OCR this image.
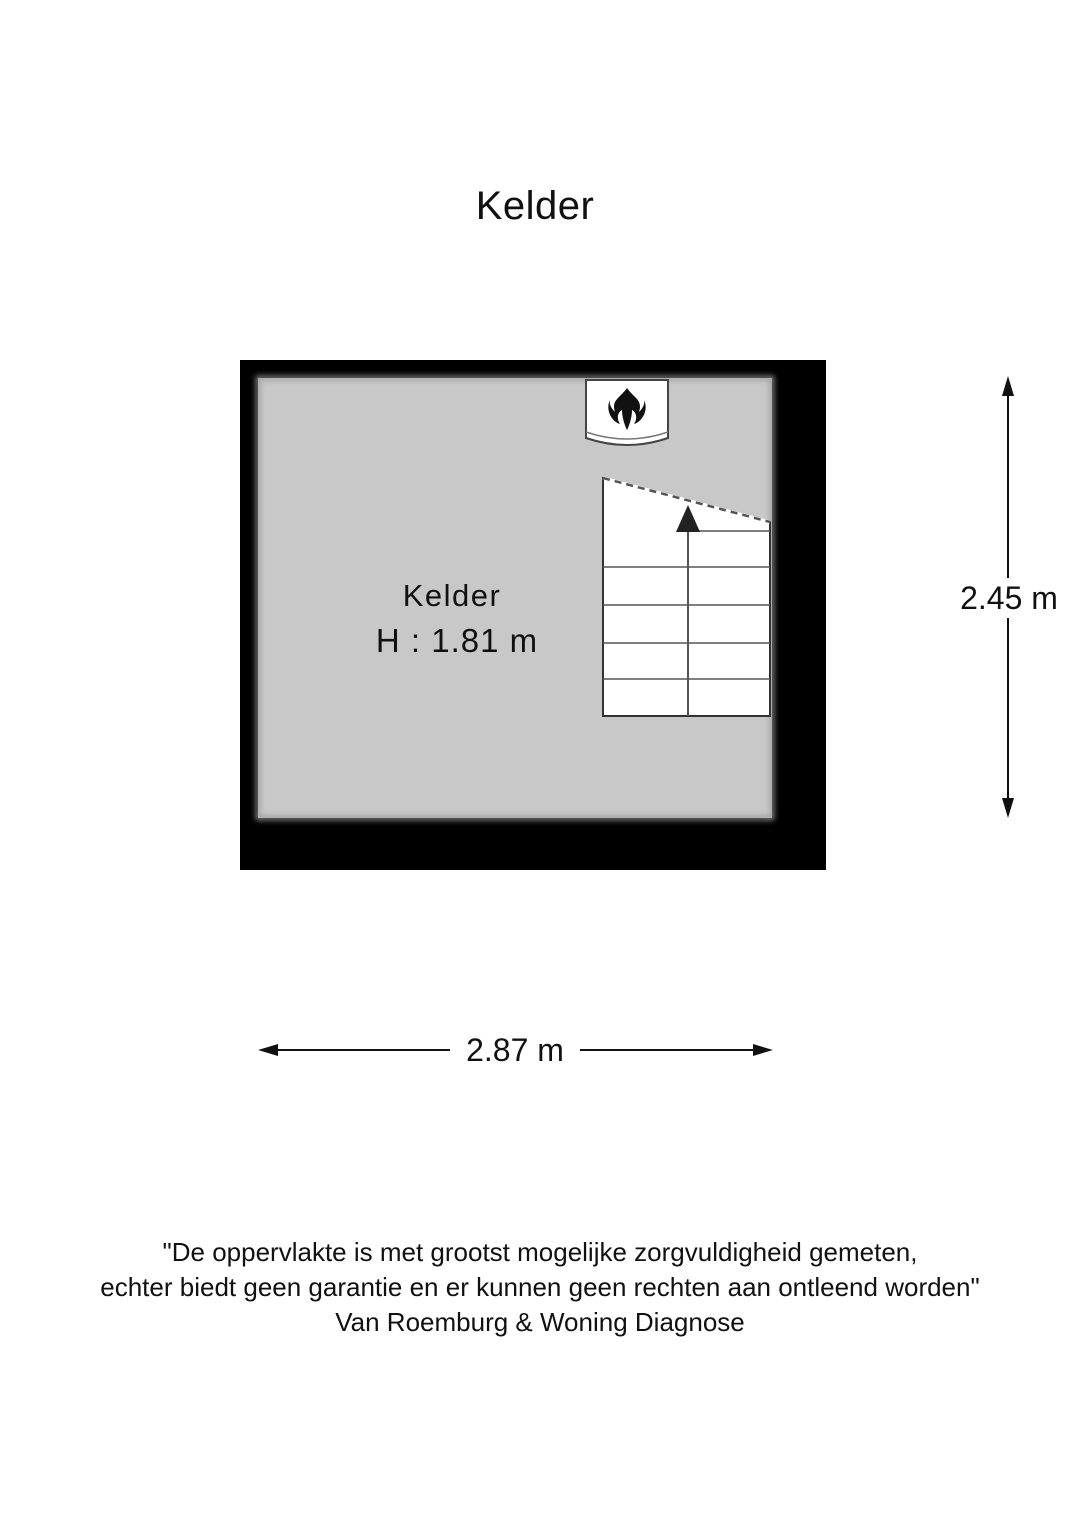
Kelder
Kelder
H : 1.81 m
2.45 m
2.87 m
"De oppervlakte is met grootst mogelijke zorgvuldigheid gemeten,
echter biedt geen garantie en er kunnen geen rechten aan ontleend worden"
Van Roemburg & Woning Diagnose
